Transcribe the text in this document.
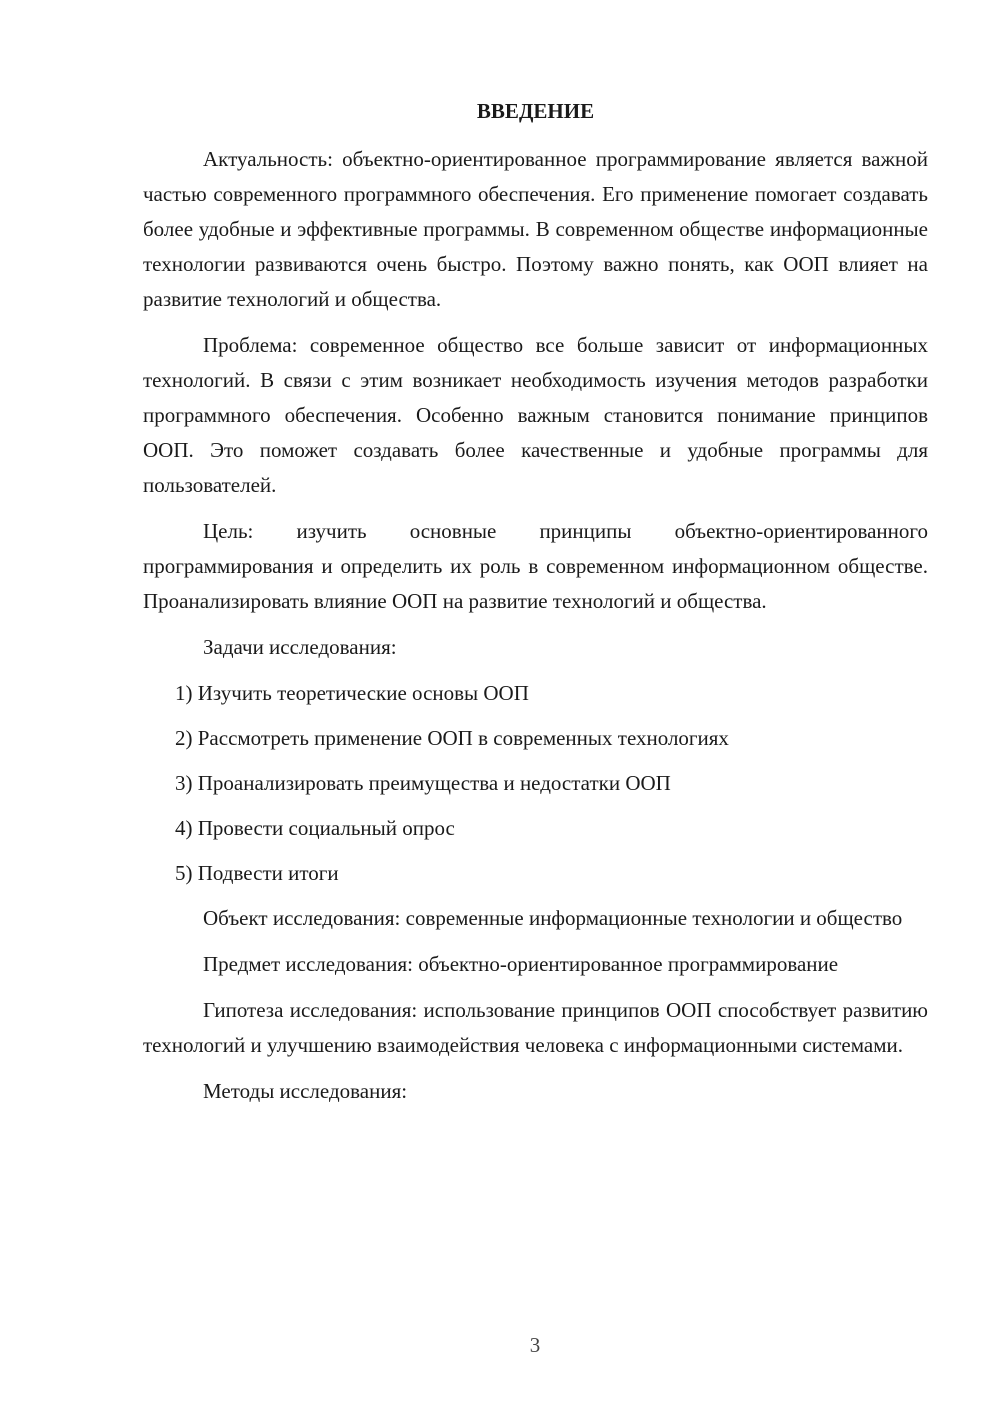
ВВЕДЕНИЕ

Актуальность: объектно-ориентированное программирование является важной частью современного программного обеспечения. Его применение помогает создавать более удобные и эффективные программы. В современном обществе информационные технологии развиваются очень быстро. Поэтому важно понять, как ООП влияет на развитие технологий и общества.

Проблема: современное общество все больше зависит от информационных технологий. В связи с этим возникает необходимость изучения методов разработки программного обеспечения. Особенно важным становится понимание принципов ООП. Это поможет создавать более качественные и удобные программы для пользователей.

Цель: изучить основные принципы объектно-ориентированного программирования и определить их роль в современном информационном обществе. Проанализировать влияние ООП на развитие технологий и общества.

Задачи исследования:

1) Изучить теоретические основы ООП
2) Рассмотреть применение ООП в современных технологиях
3) Проанализировать преимущества и недостатки ООП
4) Провести социальный опрос
5) Подвести итоги

Объект исследования: современные информационные технологии и общество

Предмет исследования: объектно-ориентированное программирование

Гипотеза исследования: использование принципов ООП способствует развитию технологий и улучшению взаимодействия человека с информационными системами.

Методы исследования:

3
